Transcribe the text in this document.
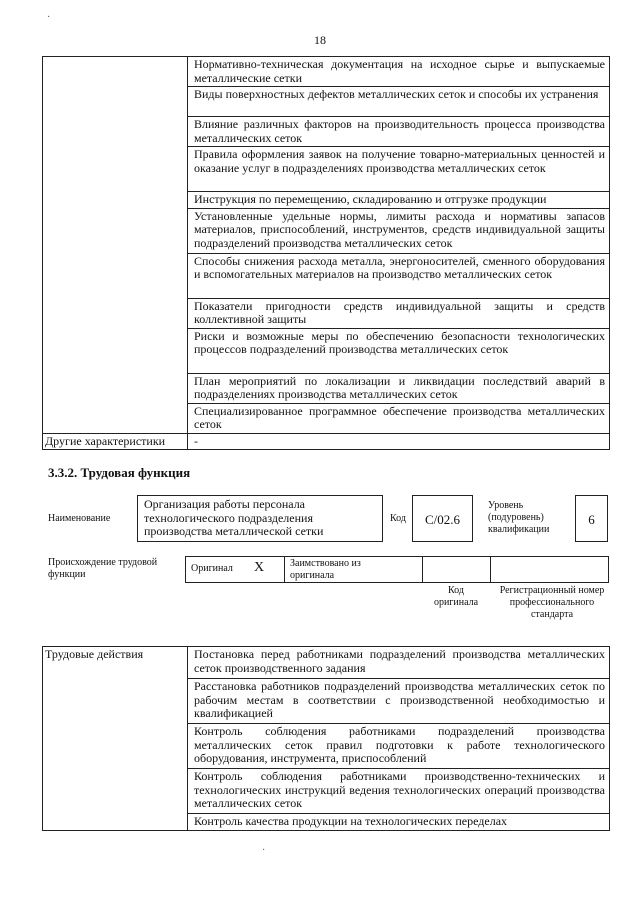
·
18
	Нормативно-техническая документация на исходное сырье и выпускаемые металлические сетки
	Виды поверхностных дефектов металлических сеток и способы их устранения
	Влияние различных факторов на производительность процесса производства металлических сеток
	Правила оформления заявок на получение товарно-материальных ценностей и оказание услуг в подразделениях производства металлических сеток
	Инструкция по перемещению, складированию и отгрузке продукции
	Установленные удельные нормы, лимиты расхода и нормативы запасов материалов, приспособлений, инструментов, средств индивидуальной защиты подразделений производства металлических сеток
	Способы снижения расхода металла, энергоносителей, сменного оборудования и вспомогательных материалов на производство металлических сеток
	Показатели пригодности средств индивидуальной защиты и средств коллективной защиты
	Риски и возможные меры по обеспечению безопасности технологических процессов подразделений производства металлических сеток
	План мероприятий по локализации и ликвидации последствий аварий в подразделениях производства металлических сеток
	Специализированное программное обеспечение производства металлических сеток
Другие характеристики	-
3.3.2. Трудовая функция
Наименование
Организация работы персонала технологического подразделения производства металлической сетки
Код	C/02.6
Уровень (подуровень) квалификации
6
Происхождение трудовой функции
Оригинал X	Заимствовано из оригинала
Код оригинала
Регистрационный номер профессионального стандарта
Трудовые действия	Постановка перед работниками подразделений производства металлических сеток производственного задания
Расстановка работников подразделений производства металлических сеток по рабочим местам в соответствии с производственной необходимостью и квалификацией
Контроль соблюдения работниками подразделений производства металлических сеток правил подготовки к работе технологического оборудования, инструмента, приспособлений
Контроль соблюдения работниками производственно-технических и технологических инструкций ведения технологических операций производства металлических сеток
Контроль качества продукции на технологических переделах
·
